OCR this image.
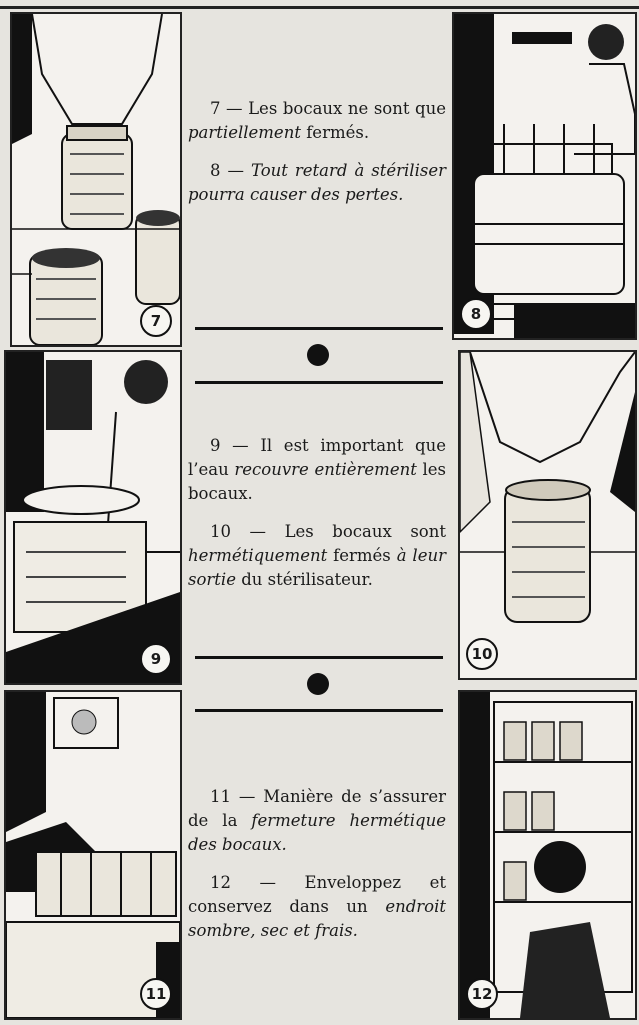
7	8
9	10
11	12

7 — Les bocaux ne sont que partiellement fermés.

8 — Tout retard à stériliser pourra causer des pertes.

9 — Il est important que l’eau recouvre entièrement les bocaux.

10 — Les bocaux sont hermétiquement fermés à leur sortie du stérilisateur.

11 — Manière de s’assurer de la fermeture hermétique des bocaux.

12 — Enveloppez et conservez dans un endroit sombre, sec et frais.
